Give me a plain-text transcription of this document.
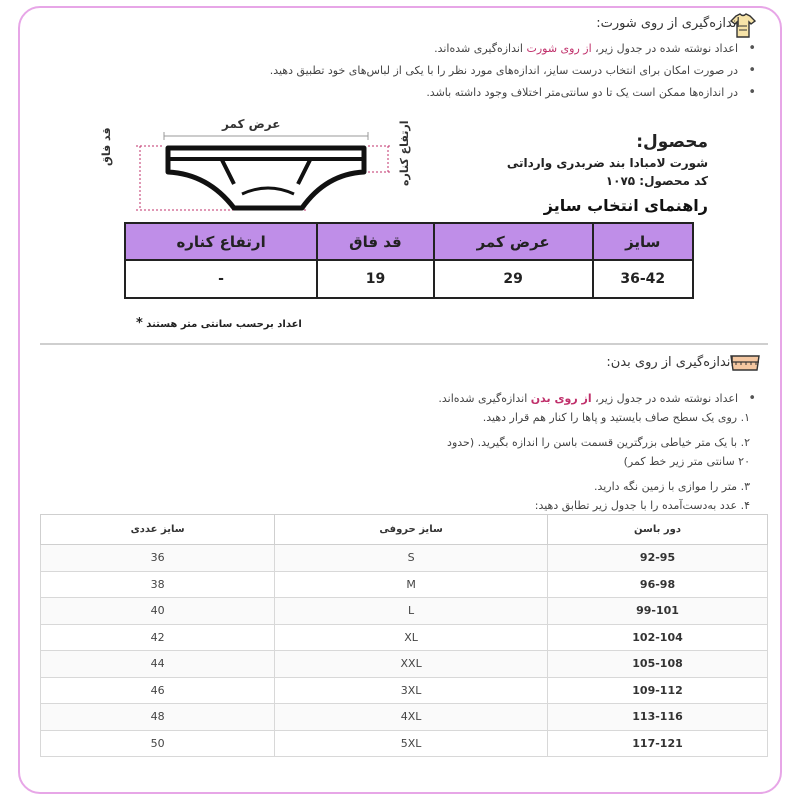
اندازه‌گیری از روی شورت:
• اعداد نوشته شده در جدول زیر، از روی شورت اندازه‌گیری شده‌اند.
• در صورت امکان برای انتخاب درست سایز، اندازه‌های مورد نظر را با یکی از لباس‌های خود تطبیق دهید.
• در اندازه‌ها ممکن است یک تا دو سانتی‌متر اختلاف وجود داشته باشد.
عرض کمر
قد فاق	ارتفاع کناره	محصول:
شورت لامبادا بند ضربدری وارداتی
کد محصول: ۱۰۷۵
راهنمای انتخاب سایز
سایز	عرض کمر	قد فاق	ارتفاع کناره
36-42	29	19	-
اعداد برحسب سانتی متر هستند *
اندازه‌گیری از روی بدن:
• اعداد نوشته شده در جدول زیر، از روی بدن اندازه‌گیری شده‌اند.
۱. روی یک سطح صاف بایستید و پاها را کنار هم قرار دهید.
۲. با یک متر خیاطی بزرگترین قسمت باسن را اندازه بگیرید. (حدود
۲۰ سانتی متر زیر خط کمر)
۳. متر را موازی با زمین نگه دارید.
۴. عدد به‌دست‌آمده را با جدول زیر تطابق دهید:
دور باسن	سایز حروفی	سایز عددی
92-95	S	36
96-98	M	38
99-101	L	40
102-104	XL	42
105-108	XXL	44
109-112	3XL	46
113-116	4XL	48
117-121	5XL	50
